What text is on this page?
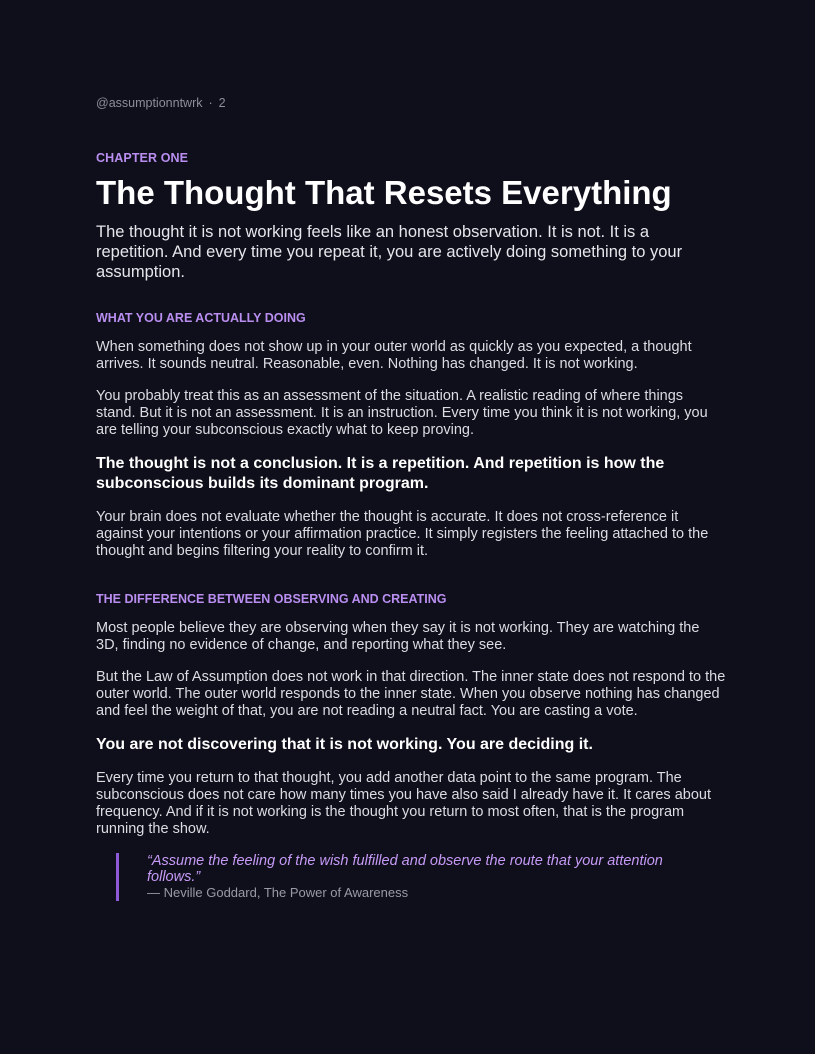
@assumptionntwrk · 2
CHAPTER ONE
The Thought That Resets Everything

The thought it is not working feels like an honest observation. It is not. It is a repetition. And every time you repeat it, you are actively doing something to your assumption.

WHAT YOU ARE ACTUALLY DOING

When something does not show up in your outer world as quickly as you expected, a thought arrives. It sounds neutral. Reasonable, even. Nothing has changed. It is not working.

You probably treat this as an assessment of the situation. A realistic reading of where things stand. But it is not an assessment. It is an instruction. Every time you think it is not working, you are telling your subconscious exactly what to keep proving.

The thought is not a conclusion. It is a repetition. And repetition is how the subconscious builds its dominant program.

Your brain does not evaluate whether the thought is accurate. It does not cross-reference it against your intentions or your affirmation practice. It simply registers the feeling attached to the thought and begins filtering your reality to confirm it.

THE DIFFERENCE BETWEEN OBSERVING AND CREATING

Most people believe they are observing when they say it is not working. They are watching the 3D, finding no evidence of change, and reporting what they see.

But the Law of Assumption does not work in that direction. The inner state does not respond to the outer world. The outer world responds to the inner state. When you observe nothing has changed and feel the weight of that, you are not reading a neutral fact. You are casting a vote.

You are not discovering that it is not working. You are deciding it.

Every time you return to that thought, you add another data point to the same program. The subconscious does not care how many times you have also said I already have it. It cares about frequency. And if it is not working is the thought you return to most often, that is the program running the show.

“Assume the feeling of the wish fulfilled and observe the route that your attention follows.”

— Neville Goddard, The Power of Awareness
